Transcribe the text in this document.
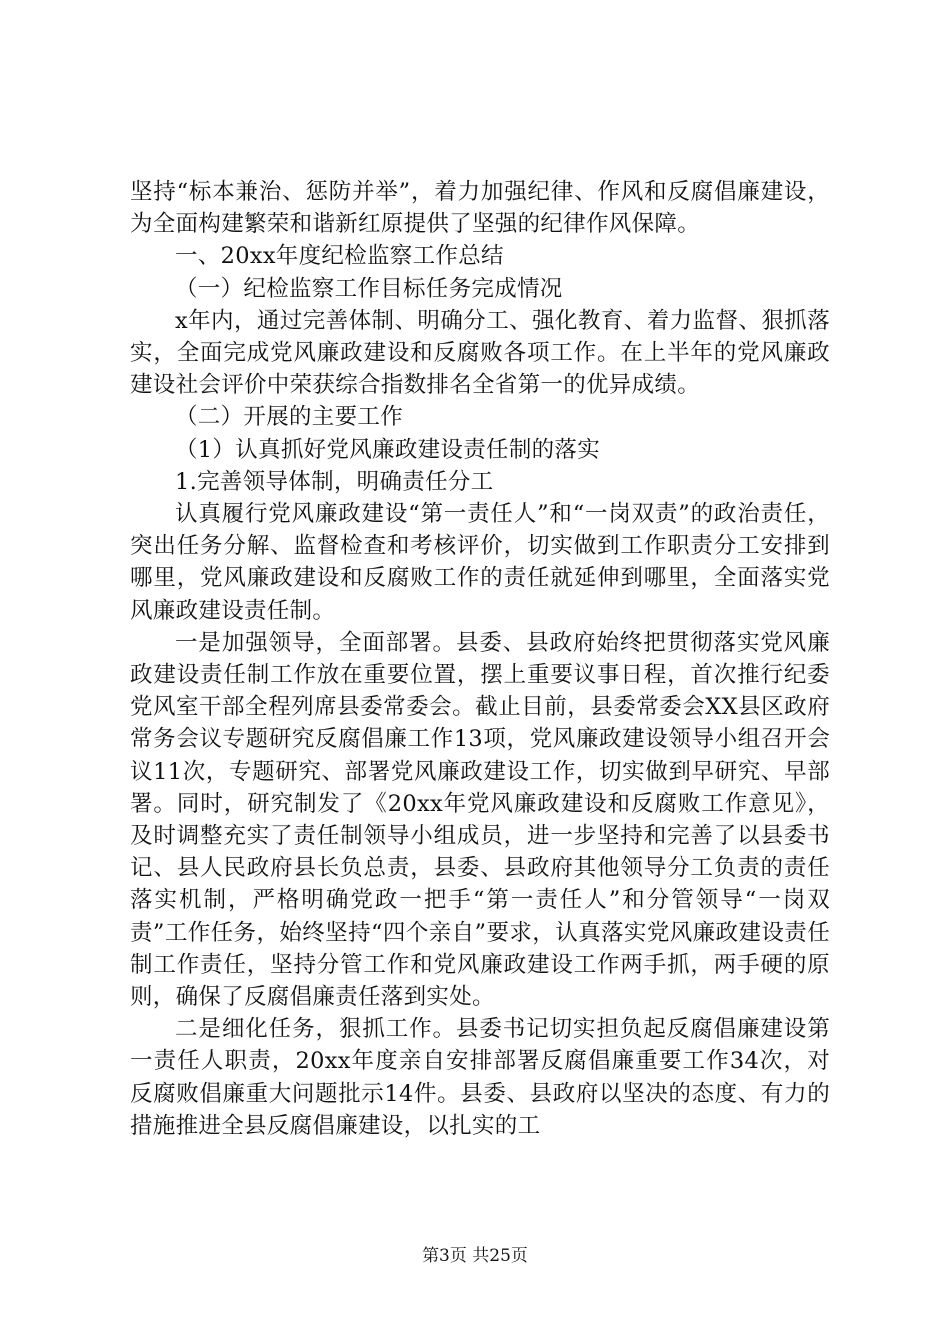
坚持“标本兼治、惩防并举”，着力加强纪律、作风和反腐倡廉建设，为全面构建繁荣和谐新红原提供了坚强的纪律作风保障。

一、20xx年度纪检监察工作总结

（一）纪检监察工作目标任务完成情况

x年内，通过完善体制、明确分工、强化教育、着力监督、狠抓落实，全面完成党风廉政建设和反腐败各项工作。在上半年的党风廉政建设社会评价中荣获综合指数排名全省第一的优异成绩。

（二）开展的主要工作

（1）认真抓好党风廉政建设责任制的落实

1.完善领导体制，明确责任分工

认真履行党风廉政建设“第一责任人”和“一岗双责”的政治责任，突出任务分解、监督检查和考核评价，切实做到工作职责分工安排到哪里，党风廉政建设和反腐败工作的责任就延伸到哪里，全面落实党风廉政建设责任制。

一是加强领导，全面部署。县委、县政府始终把贯彻落实党风廉政建设责任制工作放在重要位置，摆上重要议事日程，首次推行纪委党风室干部全程列席县委常委会。截止目前，县委常委会XX县区政府常务会议专题研究反腐倡廉工作13项，党风廉政建设领导小组召开会议11次，专题研究、部署党风廉政建设工作，切实做到早研究、早部署。同时，研究制发了《20xx年党风廉政建设和反腐败工作意见》，及时调整充实了责任制领导小组成员，进一步坚持和完善了以县委书记、县人民政府县长负总责，县委、县政府其他领导分工负责的责任落实机制，严格明确党政一把手“第一责任人”和分管领导“一岗双责”工作任务，始终坚持“四个亲自”要求，认真落实党风廉政建设责任制工作责任，坚持分管工作和党风廉政建设工作两手抓，两手硬的原则，确保了反腐倡廉责任落到实处。

二是细化任务，狠抓工作。县委书记切实担负起反腐倡廉建设第一责任人职责，20xx年度亲自安排部署反腐倡廉重要工作34次，对反腐败倡廉重大问题批示14件。县委、县政府以坚决的态度、有力的措施推进全县反腐倡廉建设，以扎实的工

第3页 共25页
